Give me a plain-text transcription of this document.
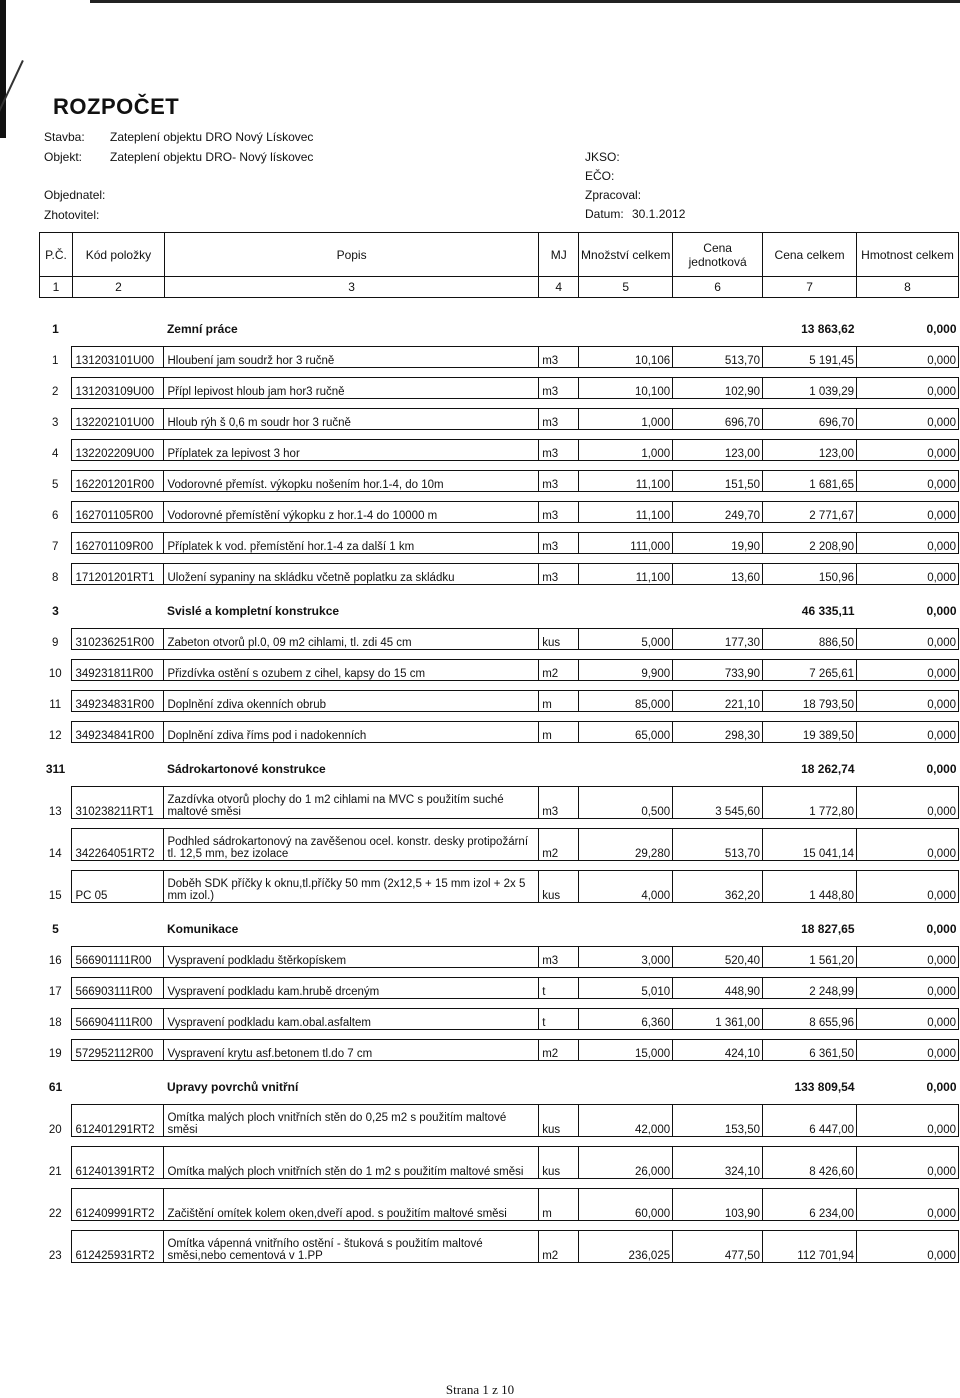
ROZPOČET
Stavba: Zateplení objektu DRO Nový Lískovec
Objekt: Zateplení objektu DRO- Nový lískovec
Objednatel:
Zhotovitel:
JKSO:
EČO:
Zpracoval:
Datum: 30.1.2012
P.Č.	Kód položky	Popis	MJ	Množství celkem	Cena jednotková	Cena celkem	Hmotnost celkem
1	2	3	4	5	6	7	8
1		Zemní práce				13 863,62	0,000
1	131203101U00	Hloubení jam soudrž hor 3 ručně	m3	10,106	513,70	5 191,45	0,000

2	131203109U00	Přípl lepivost hloub jam hor3 ručně	m3	10,100	102,90	1 039,29	0,000

3	132202101U00	Hloub rýh š 0,6 m soudr hor 3 ručně	m3	1,000	696,70	696,70	0,000

4	132202209U00	Příplatek za lepivost 3 hor	m3	1,000	123,00	123,00	0,000

5	162201201R00	Vodorovné přemíst. výkopku nošením hor.1-4, do 10m	m3	11,100	151,50	1 681,65	0,000

6	162701105R00	Vodorovné přemístění výkopku z hor.1-4 do 10000 m	m3	11,100	249,70	2 771,67	0,000

7	162701109R00	Příplatek k vod. přemístění hor.1-4 za další 1 km	m3	111,000	19,90	2 208,90	0,000

8	171201201RT1	Uložení sypaniny na skládku včetně poplatku za skládku	m3	11,100	13,60	150,96	0,000

3		Svislé a kompletní konstrukce				46 335,11	0,000
9	310236251R00	Zabeton otvorů pl.0, 09 m2 cihlami, tl. zdi 45 cm	kus	5,000	177,30	886,50	0,000

10	349231811R00	Přizdívka ostění s ozubem z cihel, kapsy do 15 cm	m2	9,900	733,90	7 265,61	0,000

11	349234831R00	Doplnění zdiva okenních obrub	m	85,000	221,10	18 793,50	0,000

12	349234841R00	Doplnění zdiva říms pod i nadokenních	m	65,000	298,30	19 389,50	0,000

311		Sádrokartonové konstrukce				18 262,74	0,000
13	310238211RT1	Zazdívka otvorů plochy do 1 m2 cihlami na MVC s použitím suché maltové směsi	m3	0,500	3 545,60	1 772,80	0,000

14	342264051RT2	Podhled sádrokartonový na zavěšenou ocel. konstr. desky protipožární tl. 12,5 mm, bez izolace	m2	29,280	513,70	15 041,14	0,000

15	PC 05	Doběh SDK příčky k oknu,tl.příčky 50 mm (2x12,5 + 15 mm izol + 2x 5 mm izol.)	kus	4,000	362,20	1 448,80	0,000

5		Komunikace				18 827,65	0,000
16	566901111R00	Vyspravení podkladu štěrkopískem	m3	3,000	520,40	1 561,20	0,000

17	566903111R00	Vyspravení podkladu kam.hrubě drceným	t	5,010	448,90	2 248,99	0,000

18	566904111R00	Vyspravení podkladu kam.obal.asfaltem	t	6,360	1 361,00	8 655,96	0,000

19	572952112R00	Vyspravení krytu asf.betonem tl.do 7 cm	m2	15,000	424,10	6 361,50	0,000

61		Upravy povrchů vnitřní				133 809,54	0,000
20	612401291RT2	Omítka malých ploch vnitřních stěn do 0,25 m2 s použitím maltové směsi	kus	42,000	153,50	6 447,00	0,000

21	612401391RT2	Omítka malých ploch vnitřních stěn do 1 m2 s použitím maltové směsi	kus	26,000	324,10	8 426,60	0,000

22	612409991RT2	Začištění omítek kolem oken,dveří apod. s použitím maltové směsi	m	60,000	103,90	6 234,00	0,000

23	612425931RT2	Omítka vápenná vnitřního ostění - štuková s použitím maltové směsi,nebo cementová v 1.PP	m2	236,025	477,50	112 701,94	0,000

Strana 1 z 10
